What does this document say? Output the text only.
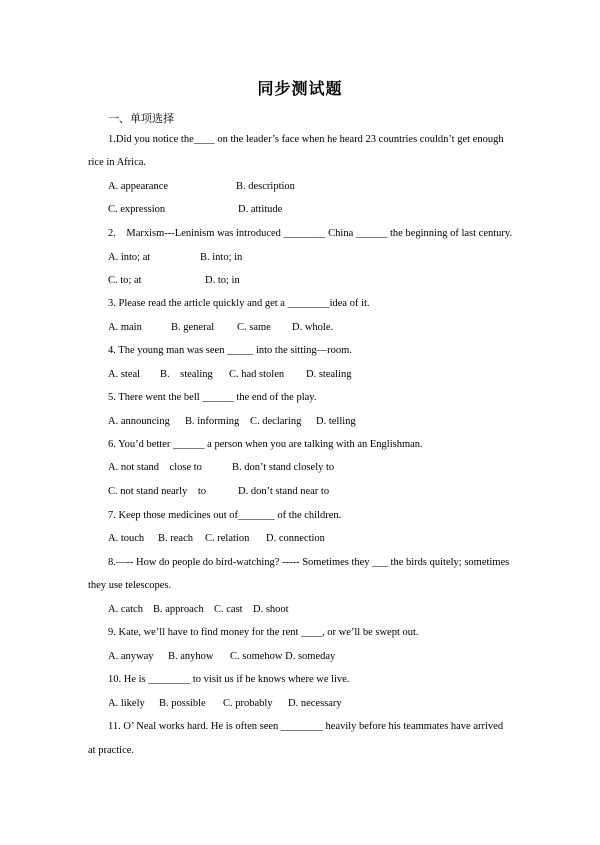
同步测试题
一、单项选择
1.Did you notice the____ on the leader’s face when he heard 23 countries couldn’t get enough
rice in Africa.
A. appearance	B. description
C. expression	D. attitude
2.    Marxism---Leninism was introduced ________ China ______ the beginning of last century.
A. into; at	B. into; in
C. to; at	D. to; in
3. Please read the article quickly and get a ________idea of it.
A. main	B. general C. same D. whole.
4. The young man was seen _____ into the sitting—room.
A. steal B.    stealing C. had stolen D. stealing
5. There went the bell ______ the end of the play.
A. announcing B. informing C. declaring D. telling
6. You’d better ______ a person when you are talking with an Englishman.
A. not stand    close to	B. don’t stand closely to
C. not stand nearly    to	D. don’t stand near to
7. Keep those medicines out of_______ of the children.
A. touch B. reach C. relation D. connection
8.—-- How do people do bird-watching? ----- Sometimes they ___ the birds quitely; sometimes
they use telescopes.
A. catch B. approach C. cast D. shoot
9. Kate, we’ll have to find money for the rent ____, or we’ll be swept out.
A. anyway B. anyhow C. somehow D. someday
10. He is ________ to visit us if he knows where we live.
A. likely B. possible C. probably D. necessary
11. O’ Neal works hard. He is often seen ________ heavily before his teammates have arrived
at practice.
